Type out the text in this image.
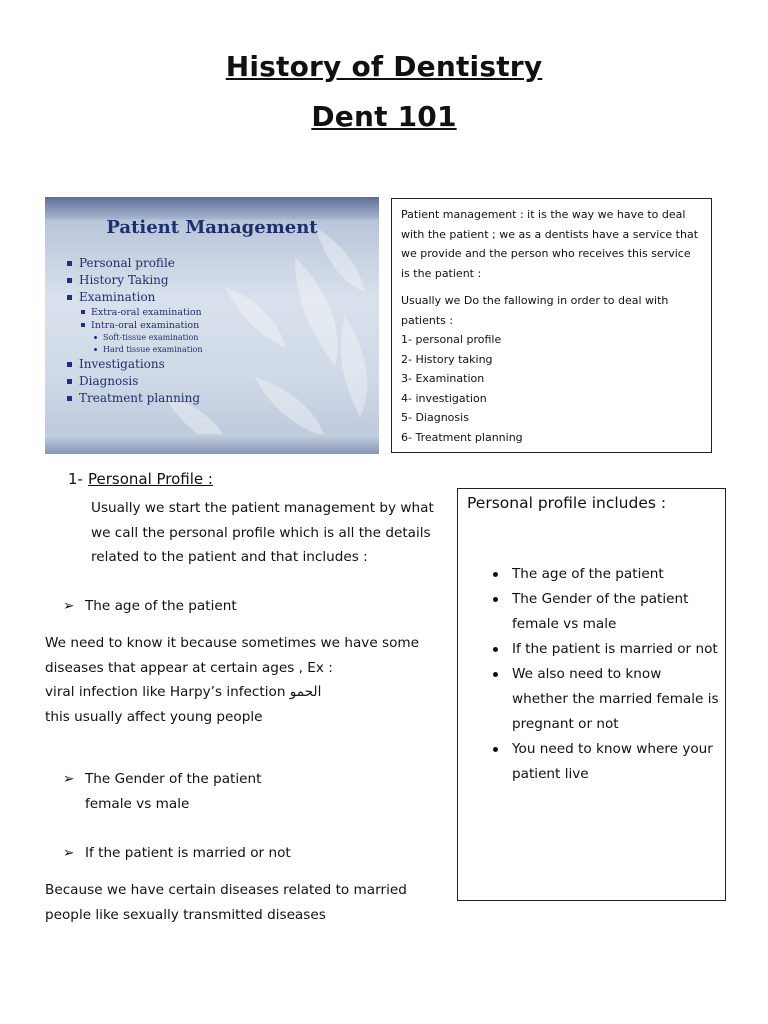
History of Dentistry
Dent 101
Patient Management
Personal profile
History Taking
Examination
Extra-oral examination
Intra-oral examination
Soft-tissue examination
Hard tissue examination
Investigations
Diagnosis
Treatment planning

Patient management : it is the way we have to deal with the patient ; we as a dentists have a service that we provide and the person who receives this service is the patient :

Usually we Do the fallowing in order to deal with patients :

1- personal profile
2- History taking
3- Examination
4- investigation
5- Diagnosis
6- Treatment planning
1- Personal Profile :
Usually we start the patient management by what we call the personal profile which is all the details related to the patient and that includes :
➢ The age of the patient
We need to know it because sometimes we have some
diseases that appear at certain ages , Ex :
viral infection like Harpy’s infection الحمو
this usually affect young people
➢ The Gender of the patient
female vs male
➢ If the patient is married or not
Because we have certain diseases related to married
people like sexually transmitted diseases
Personal profile includes :
The age of the patient
The Gender of the patient female vs male
If the patient is married or not
We also need to know whether the married female is pregnant or not
You need to know where your patient live
